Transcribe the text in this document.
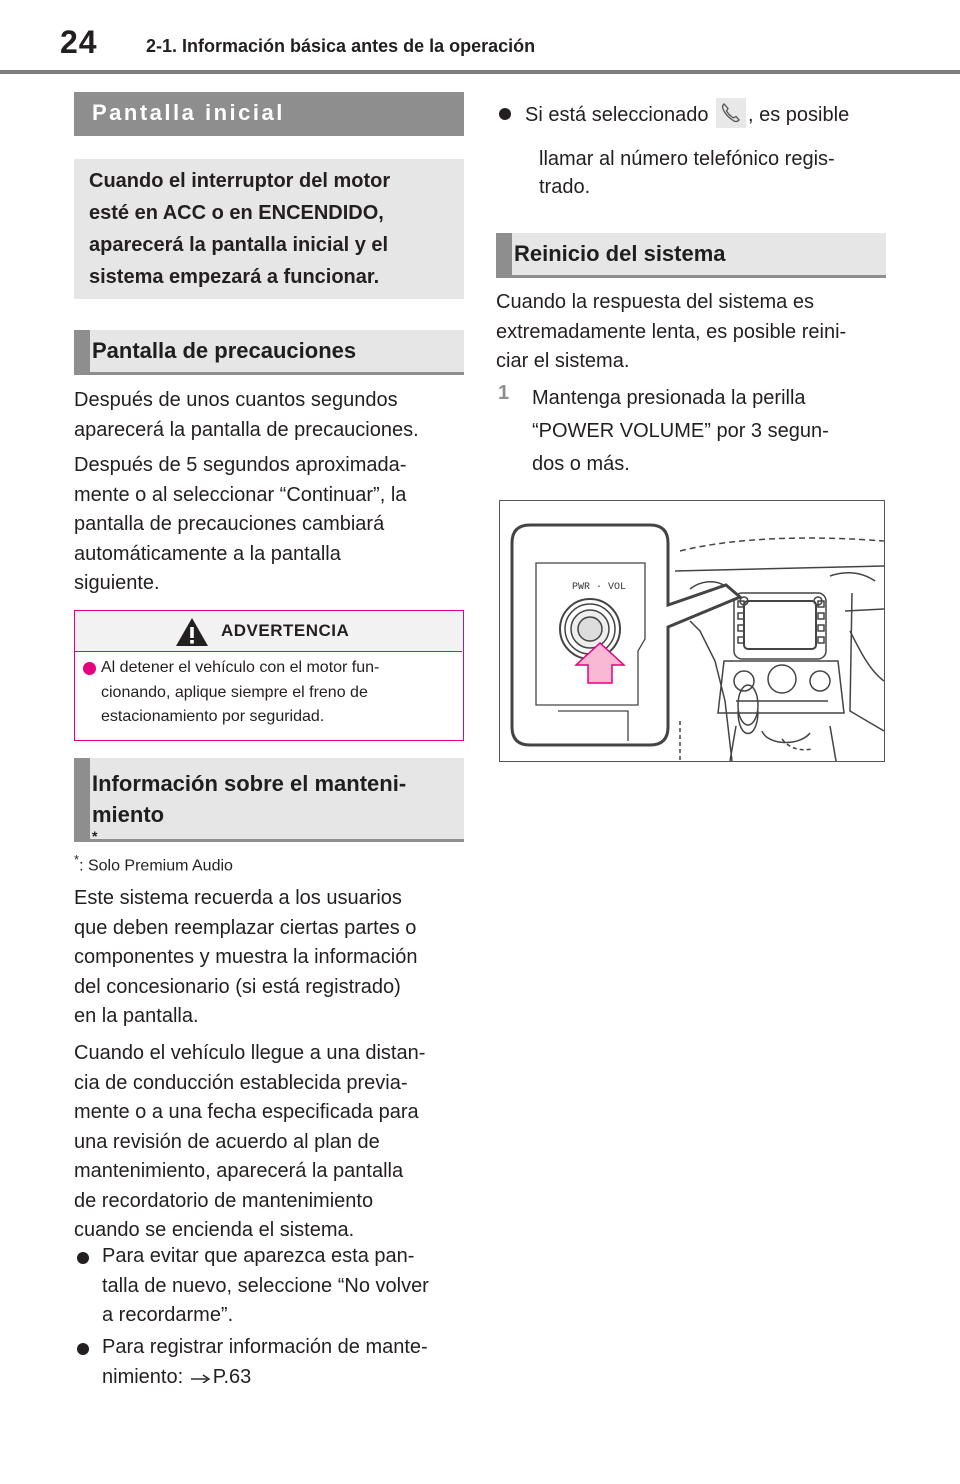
24	2-1. Información básica antes de la operación
Pantalla inicial
Cuando el interruptor del motor
esté en ACC o en ENCENDIDO,
aparecerá la pantalla inicial y el
sistema empezará a funcionar.
Pantalla de precauciones
Después de unos cuantos segundos
aparecerá la pantalla de precauciones.
Después de 5 segundos aproximada-
mente o al seleccionar “Continuar”, la
pantalla de precauciones cambiará
automáticamente a la pantalla
siguiente.
ADVERTENCIA
Al detener el vehículo con el motor fun-
cionando, aplique siempre el freno de
estacionamiento por seguridad.
Información sobre el manteni-
miento
*
*: Solo Premium Audio
Este sistema recuerda a los usuarios
que deben reemplazar ciertas partes o
componentes y muestra la información
del concesionario (si está registrado)
en la pantalla.
Cuando el vehículo llegue a una distan-
cia de conducción establecida previa-
mente o a una fecha especificada para
una revisión de acuerdo al plan de
mantenimiento, aparecerá la pantalla
de recordatorio de mantenimiento
cuando se encienda el sistema.
Para evitar que aparezca esta pan-
talla de nuevo, seleccione “No volver
a recordarme”.
Para registrar información de mante-
nimiento: P.63
Si está seleccionado , es posible
llamar al número telefónico regis-
trado.
Reinicio del sistema
Cuando la respuesta del sistema es
extremadamente lenta, es posible reini-
ciar el sistema.
1 Mantenga presionada la perilla
“POWER VOLUME” por 3 segun-
dos o más.
PWR · VOL
